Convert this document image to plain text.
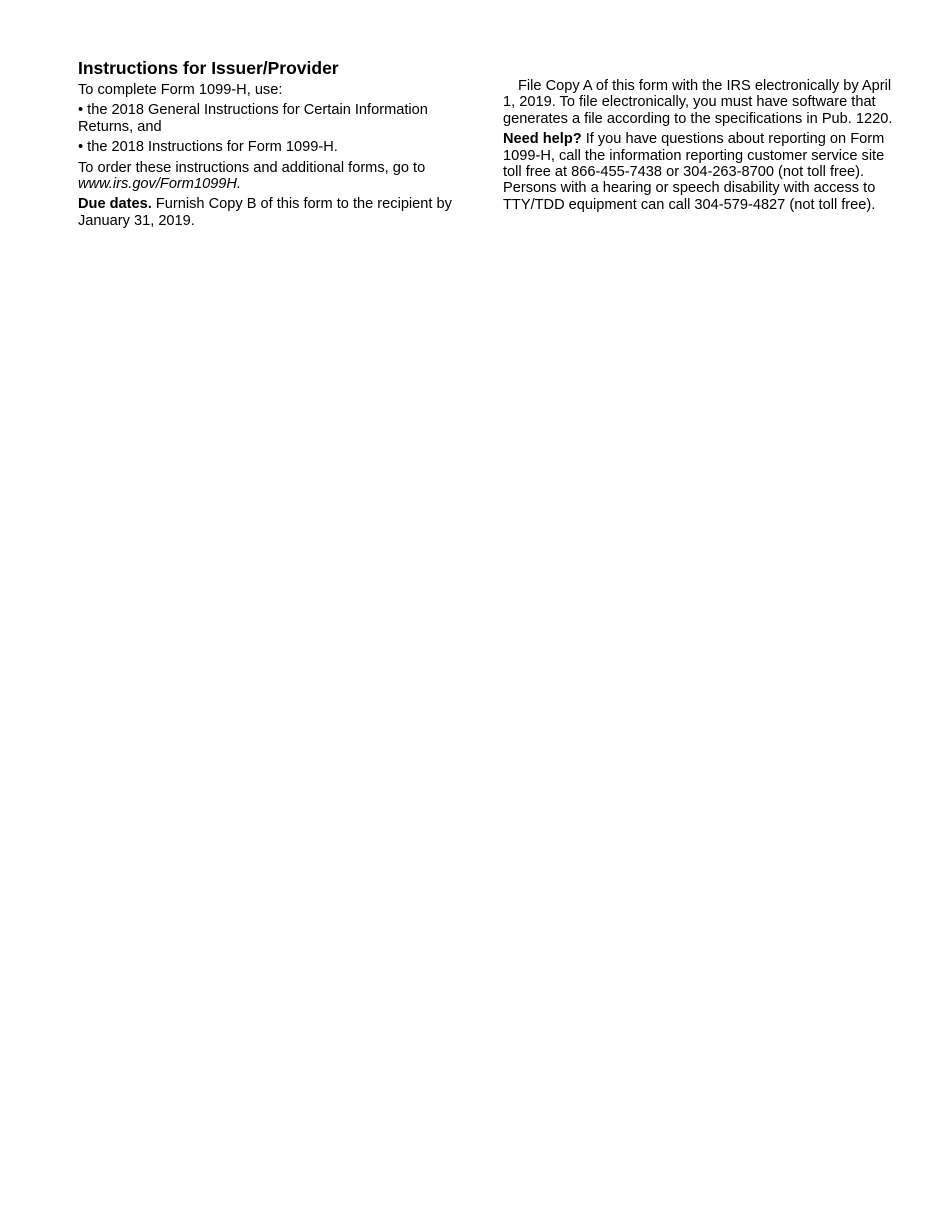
Instructions for Issuer/Provider

To complete Form 1099-H, use:

• the 2018 General Instructions for Certain Information Returns, and

• the 2018 Instructions for Form 1099-H.

To order these instructions and additional forms, go to
www.irs.gov/Form1099H.

Due dates. Furnish Copy B of this form to the recipient by January 31, 2019.

File Copy A of this form with the IRS electronically by April 1, 2019. To file electronically, you must have software that generates a file according to the specifications in Pub. 1220.

Need help? If you have questions about reporting on Form 1099-H, call the information reporting customer service site toll free at 866-455-7438 or 304-263-8700 (not toll free). Persons with a hearing or speech disability with access to TTY/TDD equipment can call 304-579-4827 (not toll free).
